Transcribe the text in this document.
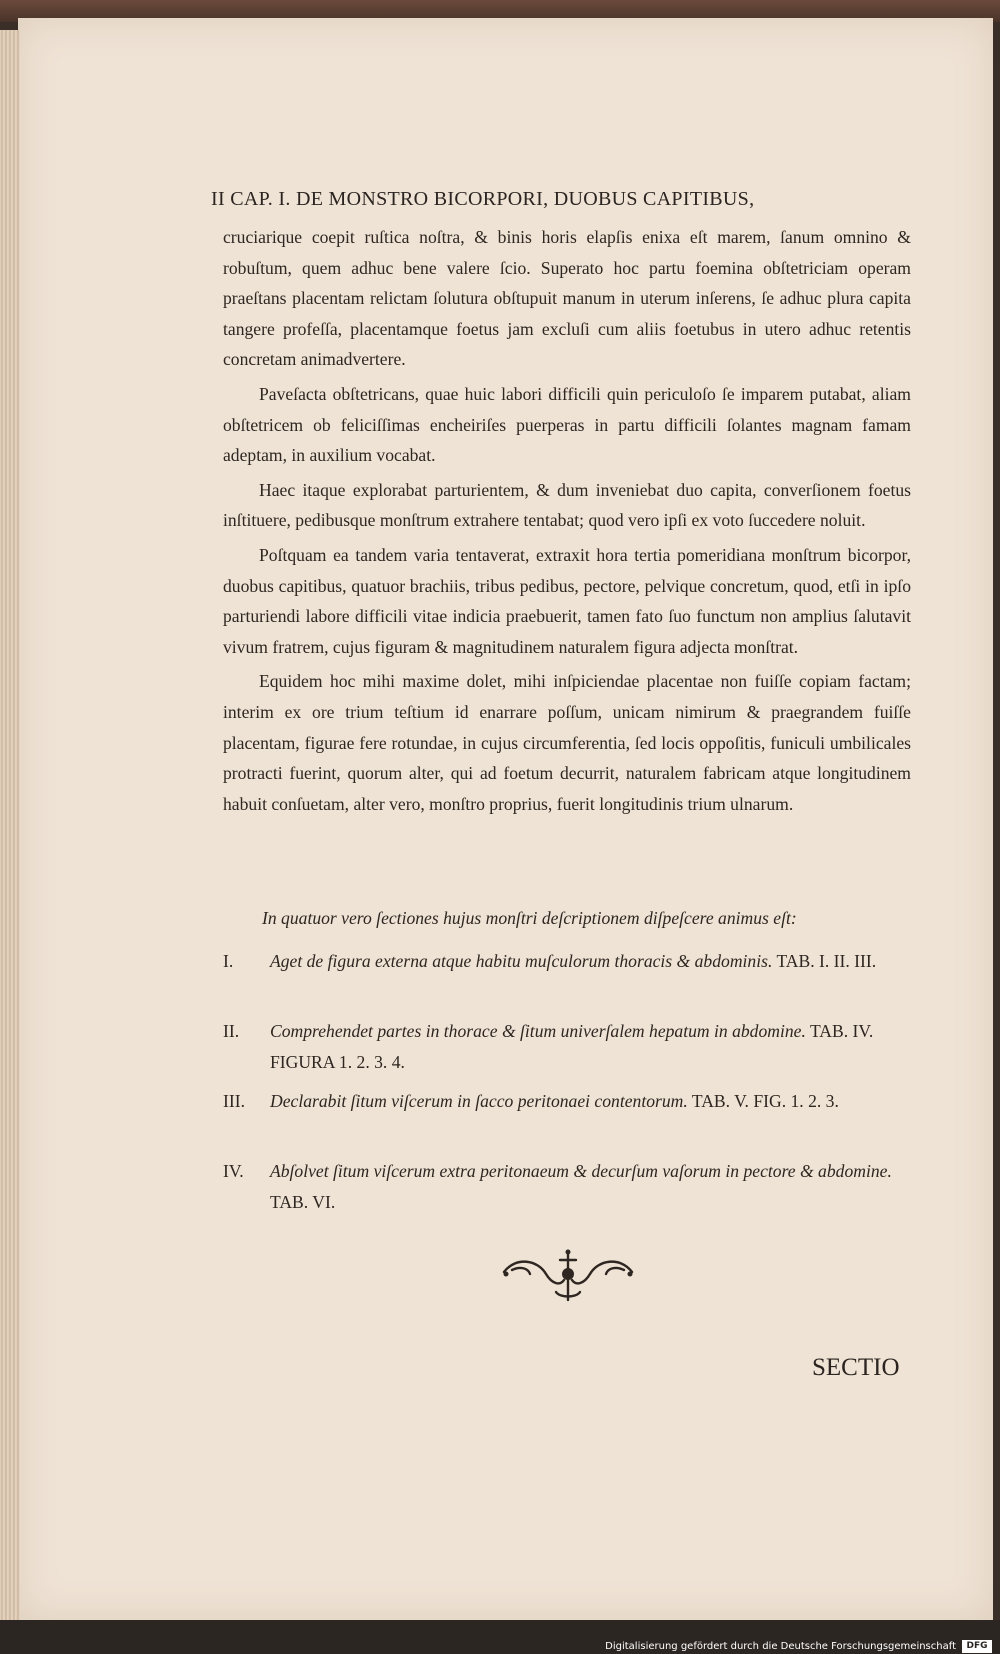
II CAP. I. DE MONSTRO BICORPORI, DUOBUS CAPITIBUS,

cruciarique coepit ruſtica noſtra, & binis horis elapſis enixa eſt marem, ſanum omnino & robuſtum, quem adhuc bene valere ſcio. Superato hoc partu foemina obſtetriciam operam praeſtans placentam relictam ſolutura obſtupuit manum in uterum inſerens, ſe adhuc plura capita tangere profeſſa, placentamque foetus jam excluſi cum aliis foetubus in utero adhuc retentis concretam animadvertere.

Paveſacta obſtetricans, quae huic labori difficili quin periculoſo ſe imparem putabat, aliam obſtetricem ob feliciſſimas encheiriſes puerperas in partu difficili ſolantes magnam famam adeptam, in auxilium vocabat.

Haec itaque explorabat parturientem, & dum inveniebat duo capita, converſionem foetus inſtituere, pedibusque monſtrum extrahere tentabat; quod vero ipſi ex voto ſuccedere noluit.

Poſtquam ea tandem varia tentaverat, extraxit hora tertia pomeridiana monſtrum bicorpor, duobus capitibus, quatuor brachiis, tribus pedibus, pectore, pelvique concretum, quod, etſi in ipſo parturiendi labore difficili vitae indicia praebuerit, tamen fato ſuo functum non amplius ſalutavit vivum fratrem, cujus figuram & magnitudinem naturalem figura adjecta monſtrat.

Equidem hoc mihi maxime dolet, mihi inſpiciendae placentae non fuiſſe copiam factam; interim ex ore trium teſtium id enarrare poſſum, unicam nimirum & praegrandem fuiſſe placentam, figurae fere rotundae, in cujus circumferentia, ſed locis oppoſitis, funiculi umbilicales protracti fuerint, quorum alter, qui ad foetum decurrit, naturalem fabricam atque longitudinem habuit conſuetam, alter vero, monſtro proprius, fuerit longitudinis trium ulnarum.

In quatuor vero ſectiones hujus monſtri deſcriptionem diſpeſcere animus eſt:
I. Aget de figura externa atque habitu muſculorum thoracis & abdominis. TAB. I. II. III.
II. Comprehendet partes in thorace & ſitum univerſalem hepatum in abdomine. TAB. IV. FIGURA 1. 2. 3. 4.
III. Declarabit ſitum viſcerum in ſacco peritonaei contentorum. TAB. V. FIG. 1. 2. 3.
IV. Abſolvet ſitum viſcerum extra peritonaeum & decurſum vaſorum in pectore & abdomine. TAB. VI.
SECTIO
Digitalisierung gefördert durch die Deutsche Forschungsgemeinschaft	DFG
